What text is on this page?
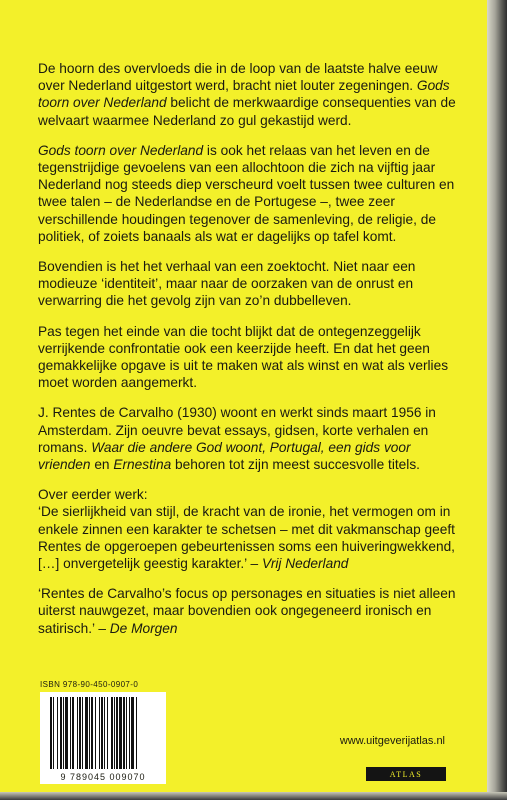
De hoorn des overvloeds die in de loop van de laatste halve eeuw over Nederland uitgestort werd, bracht niet louter zegeningen. Gods toorn over Nederland belicht de merkwaardige consequenties van de welvaart waarmee Nederland zo gul gekastijd werd.

Gods toorn over Nederland is ook het relaas van het leven en de tegenstrijdige gevoelens van een allochtoon die zich na vijftig jaar Nederland nog steeds diep verscheurd voelt tussen twee culturen en twee talen – de Nederlandse en de Portugese –, twee zeer verschillende houdingen tegenover de samenleving, de religie, de politiek, of zoiets banaals als wat er dagelijks op tafel komt.

Bovendien is het het verhaal van een zoektocht. Niet naar een modieuze ‘identiteit’, maar naar de oorzaken van de onrust en verwarring die het gevolg zijn van zo’n dubbelleven.

Pas tegen het einde van die tocht blijkt dat de ontegenzeggelijk verrijkende confrontatie ook een keerzijde heeft. En dat het geen gemakkelijke opgave is uit te maken wat als winst en wat als verlies moet worden aangemerkt.

J. Rentes de Carvalho (1930) woont en werkt sinds maart 1956 in Amsterdam. Zijn oeuvre bevat essays, gidsen, korte verhalen en romans. Waar die andere God woont, Portugal, een gids voor vrienden en Ernestina behoren tot zijn meest succesvolle titels.

Over eerder werk:

‘De sierlijkheid van stijl, de kracht van de ironie, het vermogen om in enkele zinnen een karakter te schetsen – met dit vakmanschap geeft Rentes de opgeroepen gebeurtenissen soms een huiveringwekkend, […] onvergetelijk geestig karakter.’ – Vrij Nederland

‘Rentes de Carvalho’s focus op personages en situaties is niet alleen uiterst nauwgezet, maar bovendien ook ongegeneerd ironisch en satirisch.’ – De Morgen

ISBN 978-90-450-0907-0
9 789045 009070
www.uitgeverijatlas.nl
ATLAS
